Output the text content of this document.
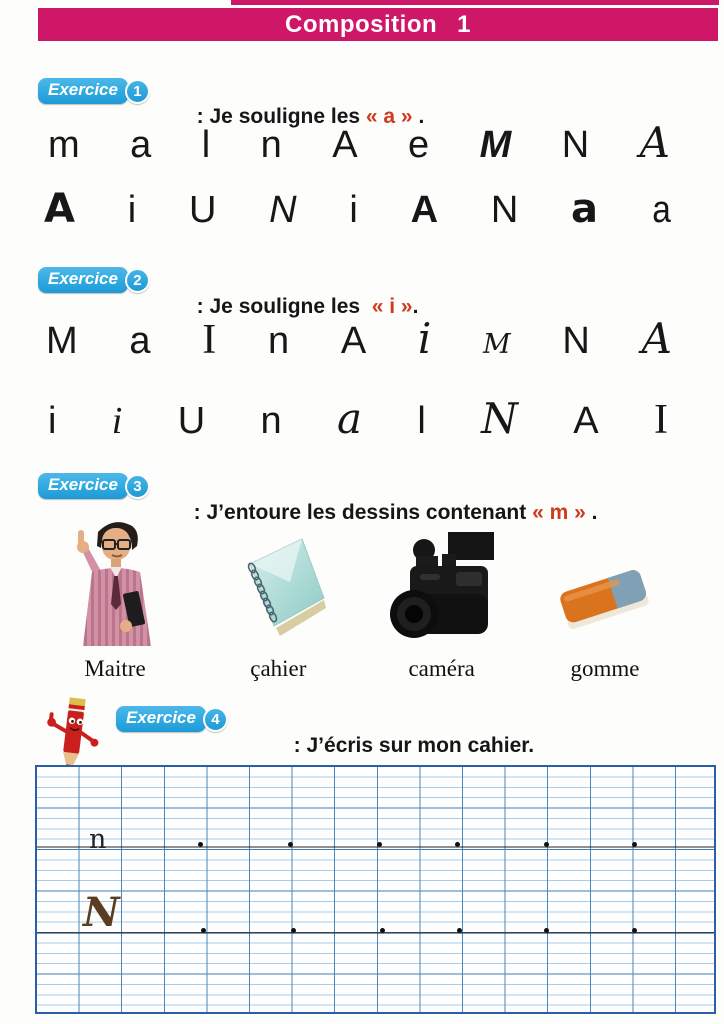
Composition 1
Exercice	1

: Je souligne les « a » .

m a l n A e M N A
A i U N i A N a a
Exercice	2

: Je souligne les  « i ».

M a I n A i M N A
i i U n a l N A I
Exercice	3

: J’entoure les dessins contenant « m » .

Maitre	çahier	caméra	gomme
Exercice	4

: J’écris sur mon cahier.

n
N
